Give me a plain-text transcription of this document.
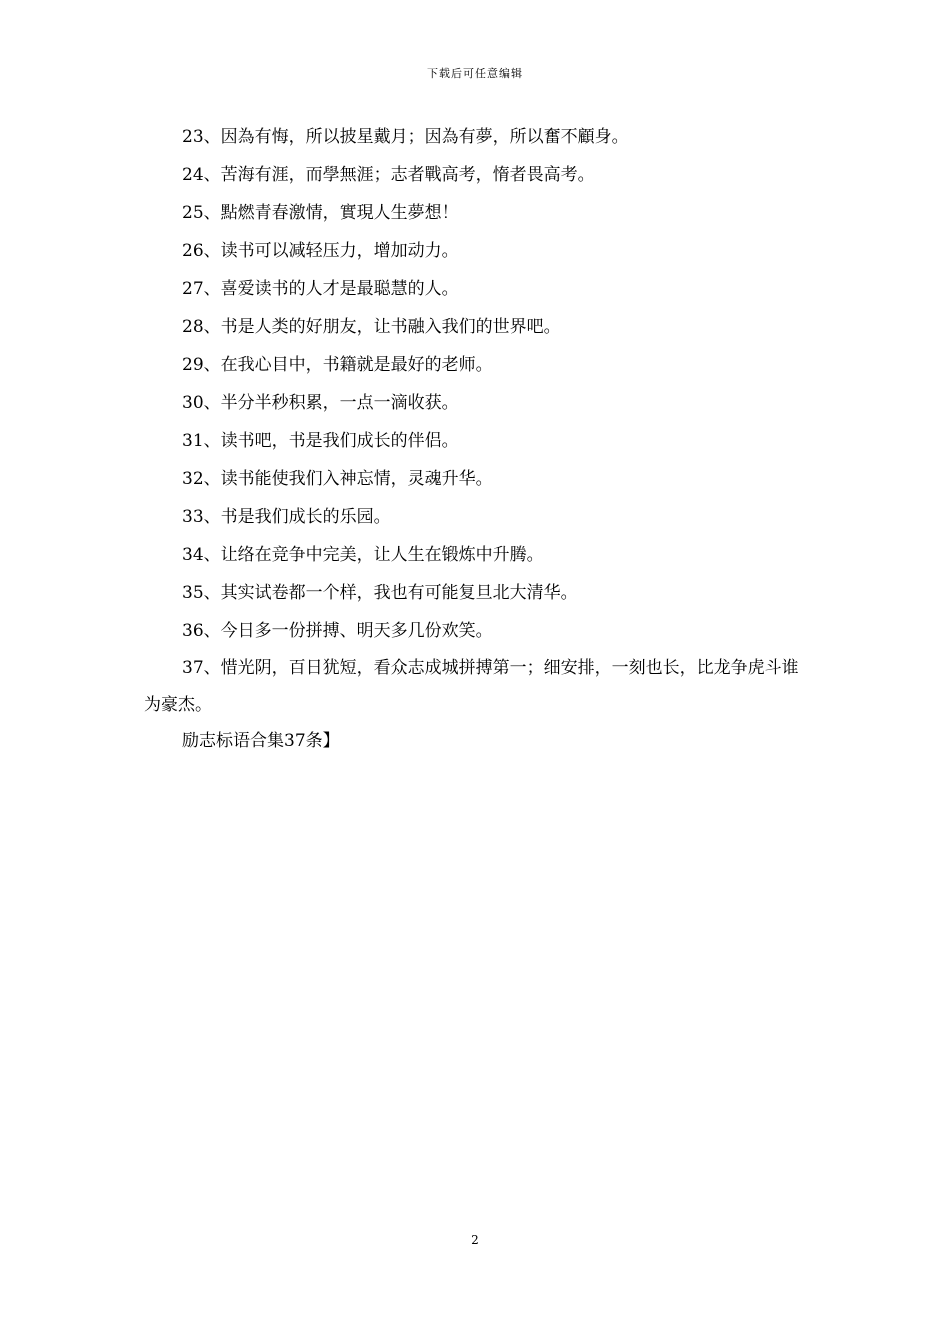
下载后可任意编辑

23、因為有悔，所以披星戴月；因為有夢，所以奮不顧身。

24、苦海有涯，而學無涯；志者戰高考，惰者畏高考。

25、點燃青春激情，實現人生夢想！

26、读书可以减轻压力，增加动力。

27、喜爱读书的人才是最聪慧的人。

28、书是人类的好朋友，让书融入我们的世界吧。

29、在我心目中，书籍就是最好的老师。

30、半分半秒积累，一点一滴收获。

31、读书吧，书是我们成长的伴侣。

32、读书能使我们入神忘情，灵魂升华。

33、书是我们成长的乐园。

34、让络在竞争中完美，让人生在锻炼中升腾。

35、其实试卷都一个样，我也有可能复旦北大清华。

36、今日多一份拼搏、明天多几份欢笑。

37、惜光阴，百日犹短，看众志成城拼搏第一；细安排，一刻也长，比龙争虎斗谁为豪杰。

励志标语合集37条】

2
